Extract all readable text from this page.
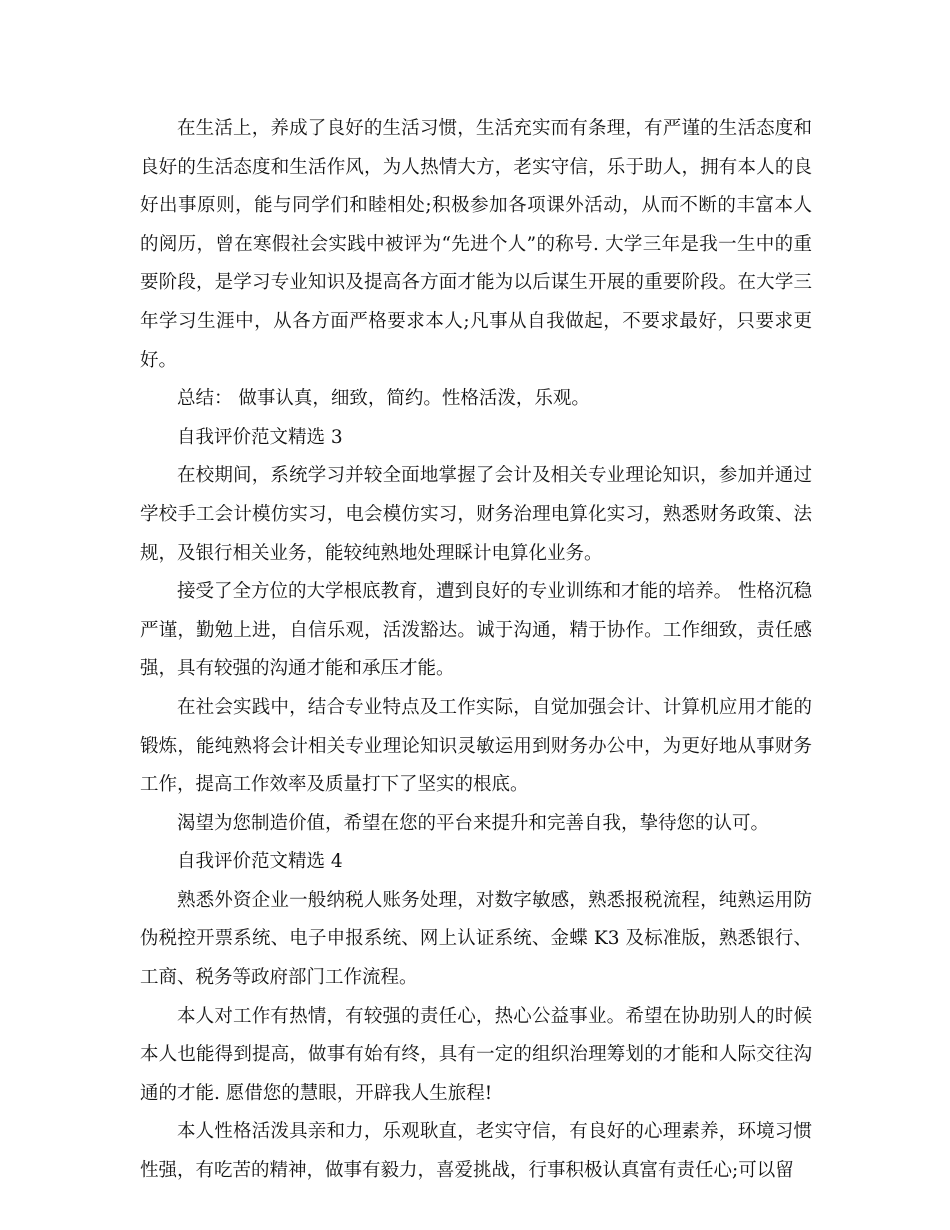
在生活上，养成了良好的生活习惯，生活充实而有条理，有严谨的生活态度和良好的生活态度和生活作风，为人热情大方，老实守信，乐于助人，拥有本人的良好出事原则，能与同学们和睦相处;积极参加各项课外活动，从而不断的丰富本人的阅历，曾在寒假社会实践中被评为“先进个人”的称号. 大学三年是我一生中的重要阶段，是学习专业知识及提高各方面才能为以后谋生开展的重要阶段。在大学三年学习生涯中，从各方面严格要求本人;凡事从自我做起，不要求最好，只要求更好。

总结： 做事认真，细致，简约。性格活泼，乐观。

自我评价范文精选 3

在校期间，系统学习并较全面地掌握了会计及相关专业理论知识，参加并通过学校手工会计模仿实习，电会模仿实习，财务治理电算化实习，熟悉财务政策、法规，及银行相关业务，能较纯熟地处理睬计电算化业务。

接受了全方位的大学根底教育，遭到良好的专业训练和才能的培养。 性格沉稳严谨，勤勉上进，自信乐观，活泼豁达。诚于沟通，精于协作。工作细致，责任感强，具有较强的沟通才能和承压才能。

在社会实践中，结合专业特点及工作实际，自觉加强会计、计算机应用才能的锻炼，能纯熟将会计相关专业理论知识灵敏运用到财务办公中，为更好地从事财务工作，提高工作效率及质量打下了坚实的根底。

渴望为您制造价值，希望在您的平台来提升和完善自我，挚待您的认可。

自我评价范文精选 4

熟悉外资企业一般纳税人账务处理，对数字敏感，熟悉报税流程，纯熟运用防伪税控开票系统、电子申报系统、网上认证系统、金蝶 K3 及标准版，熟悉银行、工商、税务等政府部门工作流程。

本人对工作有热情，有较强的责任心，热心公益事业。希望在协助别人的时候本人也能得到提高，做事有始有终，具有一定的组织治理筹划的才能和人际交往沟通的才能. 愿借您的慧眼，开辟我人生旅程!

本人性格活泼具亲和力，乐观耿直，老实守信，有良好的心理素养，环境习惯性强，有吃苦的精神，做事有毅力，喜爱挑战，行事积极认真富有责任心;可以留
